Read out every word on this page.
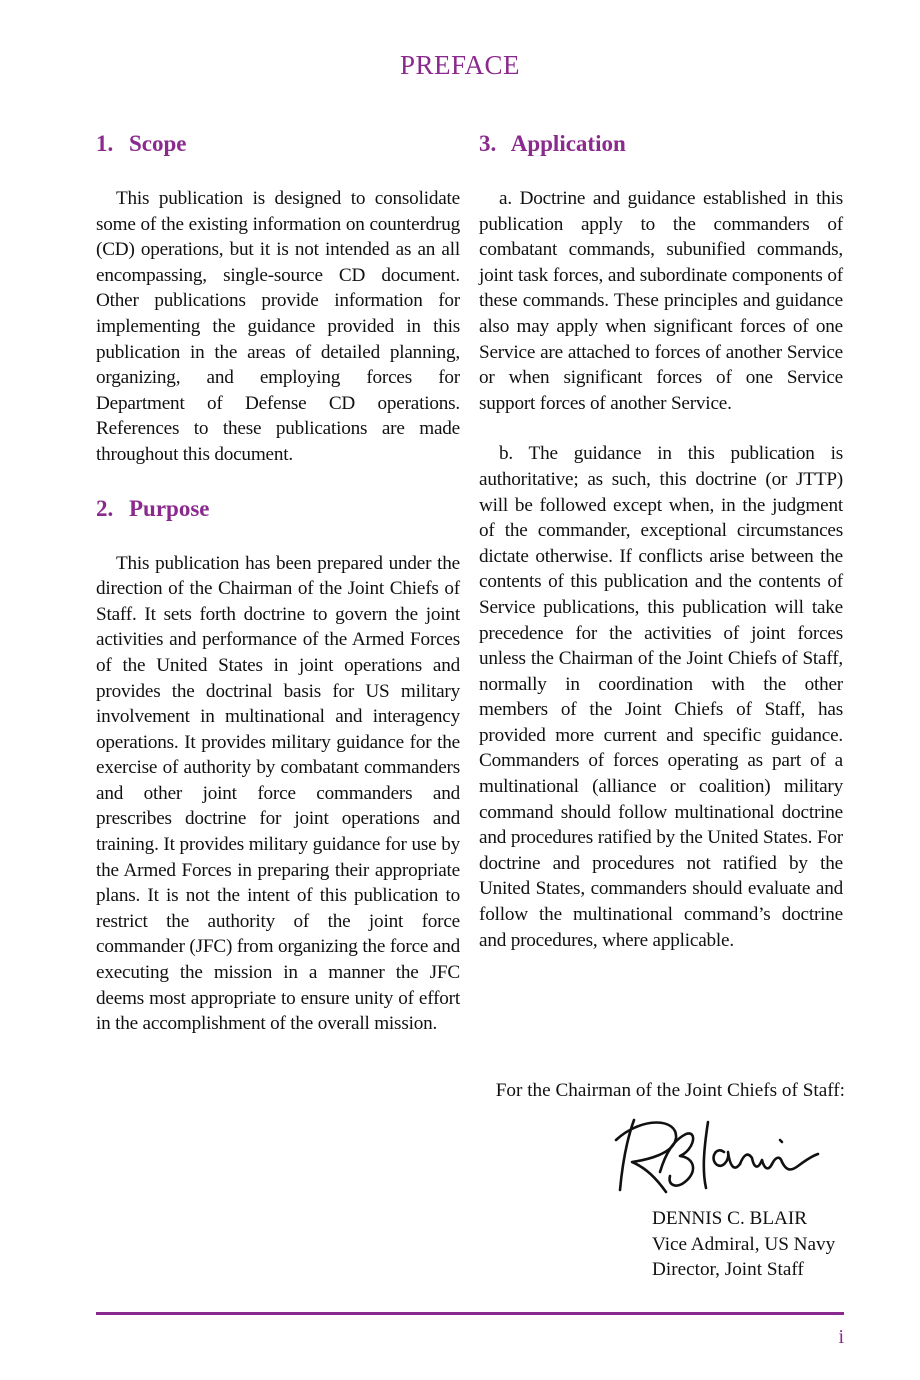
PREFACE
1. Scope

This publication is designed to consolidate some of the existing information on counterdrug (CD) operations, but it is not intended as an all encompassing, single-source CD document. Other publications provide information for implementing the guidance provided in this publication in the areas of detailed planning, organizing, and employing forces for Department of Defense CD operations. References to these publications are made throughout this document.

2. Purpose

This publication has been prepared under the direction of the Chairman of the Joint Chiefs of Staff. It sets forth doctrine to govern the joint activities and performance of the Armed Forces of the United States in joint operations and provides the doctrinal basis for US military involvement in multinational and interagency operations. It provides military guidance for the exercise of authority by combatant commanders and other joint force commanders and prescribes doctrine for joint operations and training. It provides military guidance for use by the Armed Forces in preparing their appropriate plans. It is not the intent of this publication to restrict the authority of the joint force commander (JFC) from organizing the force and executing the mission in a manner the JFC deems most appropriate to ensure unity of effort in the accomplishment of the overall mission.

3. Application

a. Doctrine and guidance established in this publication apply to the commanders of combatant commands, subunified commands, joint task forces, and subordinate components of these commands. These principles and guidance also may apply when significant forces of one Service are attached to forces of another Service or when significant forces of one Service support forces of another Service.

b. The guidance in this publication is authoritative; as such, this doctrine (or JTTP) will be followed except when, in the judgment of the commander, exceptional circumstances dictate otherwise. If conflicts arise between the contents of this publication and the contents of Service publications, this publication will take precedence for the activities of joint forces unless the Chairman of the Joint Chiefs of Staff, normally in coordination with the other members of the Joint Chiefs of Staff, has provided more current and specific guidance. Commanders of forces operating as part of a multinational (alliance or coalition) military command should follow multinational doctrine and procedures ratified by the United States. For doctrine and procedures not ratified by the United States, commanders should evaluate and follow the multinational command’s doctrine and procedures, where applicable.

For the Chairman of the Joint Chiefs of Staff:
DENNIS C. BLAIR
Vice Admiral, US Navy
Director, Joint Staff
i
